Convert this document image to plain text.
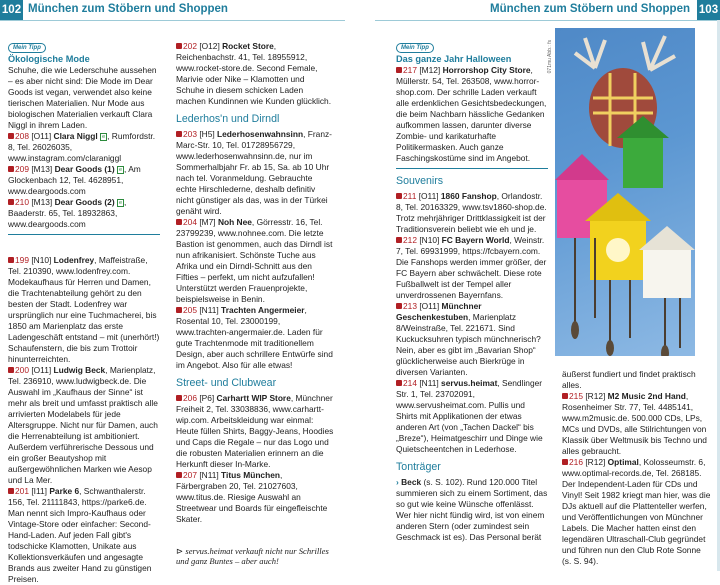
102 München zum Stöbern und Shoppen	München zum Stöbern und Shoppen 103
Mein Tipp
Ökologische Mode

Schuhe, die wie Lederschuhe aussehen – es aber nicht sind: Die Mode im Dear Goods ist vegan, verwendet also keine tierischen Materialien. Nur Mode aus biologischen Materialien verkauft Clara Niggl in ihrem Laden.

208 [O11] Clara Niggl e , Rumfordstr. 8, Tel. 26026035, www.instagram.com/claraniggl

209 [M13] Dear Goods (1) e , Am Glockenbach 12, Tel. 4628951, www.deargoods.com

210 [M13] Dear Goods (2) e , Baaderstr. 65, Tel. 18932863, www.deargoods.com

199 [N10] Lodenfrey, Maffeistraße, Tel. 210390, www.lodenfrey.com. Modekaufhaus für Herren und Damen, die Trachtenabteilung gehört zu den besten der Stadt. Lodenfrey war ursprünglich nur eine Tuchmacherei, bis 1850 am Marienplatz das erste Ladengeschäft entstand – mit (unerhört!) Schaufenstern, die bis zum Trottoir hinunterreichten.

200 [O11] Ludwig Beck, Marienplatz, Tel. 236910, www.ludwigbeck.de. Die Auswahl im „Kaufhaus der Sinne“ ist mehr als breit und umfasst praktisch alle arrivierten Modelabels für jede Altersgruppe. Nicht nur für Damen, auch die Herrenabteilung ist ambitioniert. Außerdem verführerische Dessous und ein großer Beautyshop mit außergewöhnlichen Marken wie Aesop und La Mer.

201 [I11] Parke 6, Schwanthalerstr. 156, Tel. 21111843, https://parke6.de. Man nennt sich Impro-Kaufhaus oder Vintage-Store oder einfacher: Second-Hand-Laden. Auf jeden Fall gibt's todschicke Klamotten, Unikate aus Kollektionsverkäufen und angesagte Brands aus zweiter Hand zu günstigen Preisen.

202 [O12] Rocket Store, Reichenbachstr. 41, Tel. 18955912, www.rocket-store.de. Second Female, Marivie oder Nike – Klamotten und Schuhe in diesem schicken Laden machen Kundinnen wie Kunden glücklich.

Lederhos'n und Dirndl

203 [H5] Lederhosenwahnsinn, Franz-Marc-Str. 10, Tel. 01728956729, www.lederhosenwahnsinn.de, nur im Sommerhalbjahr Fr. ab 15, Sa. ab 10 Uhr nach tel. Voranmeldung. Gebrauchte echte Hirschlederne, deshalb definitiv nicht günstiger als das, was in der Türkei genäht wird.

204 [M7] Noh Nee, Görresstr. 16, Tel. 23799239, www.nohnee.com. Die letzte Bastion ist genommen, auch das Dirndl ist nun afrikanisiert. Schönste Tuche aus Afrika und ein Dirndl-Schnitt aus den Fifties – perfekt, um nicht aufzufallen! Unterstützt werden Frauenprojekte, beispielsweise in Benin.

205 [N11] Trachten Angermeier, Rosental 10, Tel. 23000199, www.trachten-angermaier.de. Laden für gute Trachtenmode mit traditionellem Design, aber auch schrillere Entwürfe sind im Angebot. Also für alle etwas!

Street- und Clubwear

206 [P6] Carhartt WIP Store, Münchner Freiheit 2, Tel. 33038836, www.carhartt-wip.com. Arbeitskleidung war einmal: Heute füllen Shirts, Baggy-Jeans, Hoodies und Caps die Regale – nur das Logo und die robusten Materialien erinnern an die Herkunft dieser In-Marke.

207 [N11] Titus München, Färbergraben 20, Tel. 21027603, www.titus.de. Riesige Auswahl an Streetwear und Boards für eingefleischte Skater.

⊳ servus.heimat verkauft nicht nur Schrilles und ganz Buntes – aber auch!

Mein Tipp
Das ganze Jahr Halloween

217 [M12] Horrorshop City Store, Müllerstr. 54, Tel. 263508, www.horror-shop.com. Der schrille Laden verkauft alle erdenklichen Gesichtsbedeckungen, die beim Nachbarn hässliche Gedanken aufkommen lassen, darunter diverse Zombie- und karikaturhafte Politikermasken. Auch ganze Faschingskostüme sind im Angebot.

Souvenirs

211 [O11] 1860 Fanshop, Orlandostr. 8, Tel. 20163329, www.tsv1860-shop.de. Trotz mehrjähriger Drittklassigkeit ist der Traditionsverein beliebt wie eh und je.

212 [N10] FC Bayern World, Weinstr. 7, Tel. 69931999, https://fcbayern.com. Die Fanshops werden immer größer, der FC Bayern aber schwächelt. Diese rote Fußballwelt ist der Tempel aller unverdrossenen Bayernfans.

213 [O11] Münchner Geschenkestuben, Marienplatz 8/Weinstraße, Tel. 221671. Sind Kuckucksuhren typisch münchnerisch? Nein, aber es gibt im „Bavarian Shop“ glücklicherweise auch Bierkrüge in diversen Varianten.

214 [N11] servus.heimat, Sendlinger Str. 1, Tel. 23702091, www.servusheimat.com. Pullis und Shirts mit Applikationen der etwas anderen Art (von „Tachen Dackel“ bis „Breze“), Heimatgeschirr und Dinge wie Quietscheentchen in Lederhose.

Tonträger

› Beck (s. S. 102). Rund 120.000 Titel summieren sich zu einem Sortiment, das so gut wie keine Wünsche offenlässt. Wer hier nicht fündig wird, ist von einem anderen Stern (oder zumindest sein Geschmack ist es). Das Personal berät

071mu Abb.: fs

äußerst fundiert und findet praktisch alles.

215 [R12] M2 Music 2nd Hand, Rosenheimer Str. 77, Tel. 4485141, www.m2music.de. 500.000 CDs, LPs, MCs und DVDs, alle Stilrichtungen von Klassik über Weltmusik bis Techno und alles gebraucht.

216 [R12] Optimal, Kolosseumstr. 6, www.optimal-records.de, Tel. 268185. Der Independent-Laden für CDs und Vinyl! Seit 1982 kriegt man hier, was die DJs aktuell auf die Plattenteller werfen, und Veröffentlichungen von Münchner Labels. Die Macher hatten einst den legendären Ultraschall-Club gegründet und führen nun den Club Rote Sonne (s. S. 94).
